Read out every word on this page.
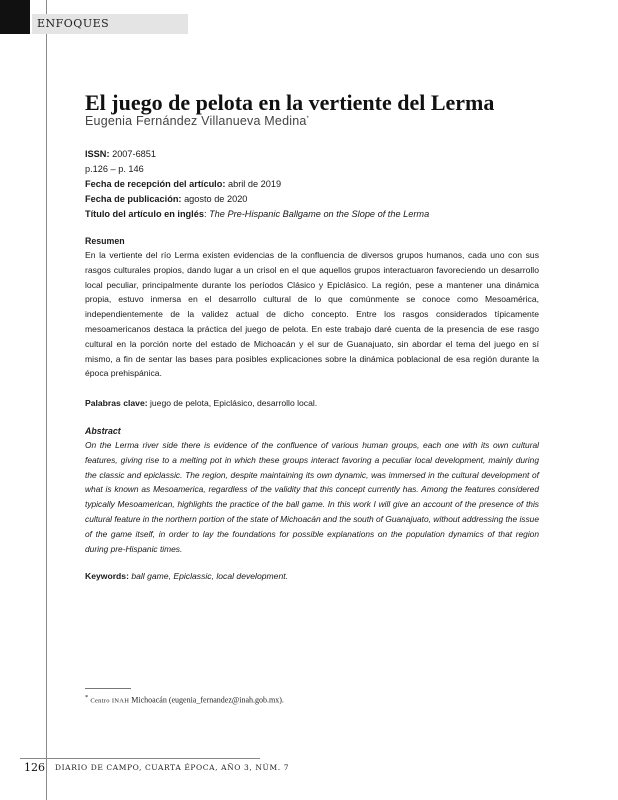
ENFOQUES
El juego de pelota en la vertiente del Lerma
Eugenia Fernández Villanueva Medina*
ISSN: 2007-6851
p.126 – p. 146
Fecha de recepción del artículo: abril de 2019
Fecha de publicación: agosto de 2020
Título del artículo en inglés: The Pre-Hispanic Ballgame on the Slope of the Lerma
Resumen

En la vertiente del río Lerma existen evidencias de la confluencia de diversos grupos humanos, cada uno con sus rasgos culturales propios, dando lugar a un crisol en el que aquellos grupos interactuaron favoreciendo un desarrollo local peculiar, principalmente durante los períodos Clásico y Epiclásico. La región, pese a mantener una dinámica propia, estuvo inmersa en el desarrollo cultural de lo que comúnmente se conoce como Mesoamérica, independientemente de la validez actual de dicho concepto. Entre los rasgos considerados típicamente mesoamericanos destaca la práctica del juego de pelota. En este trabajo daré cuenta de la presencia de ese rasgo cultural en la porción norte del estado de Michoacán y el sur de Guanajuato, sin abordar el tema del juego en sí mismo, a fin de sentar las bases para posibles explicaciones sobre la dinámica poblacional de esa región durante la época prehispánica.

Palabras clave: juego de pelota, Epiclásico, desarrollo local.

Abstract

On the Lerma river side there is evidence of the confluence of various human groups, each one with its own cultural features, giving rise to a melting pot in which these groups interact favoring a peculiar local development, mainly during the classic and epiclassic. The region, despite maintaining its own dynamic, was immersed in the cultural development of what is known as Mesoamerica, regardless of the validity that this concept currently has. Among the features considered typically Mesoamerican, highlights the practice of the ball game. In this work I will give an account of the presence of this cultural feature in the northern portion of the state of Michoacán and the south of Guanajuato, without addressing the issue of the game itself, in order to lay the foundations for possible explanations on the population dynamics of that region during pre-Hispanic times.

Keywords: ball game, Epiclassic, local development.

* Centro INAH Michoacán (eugenia_fernandez@inah.gob.mx).
126 DIARIO DE CAMPO, CUARTA ÉPOCA, AÑO 3, NÚM. 7
